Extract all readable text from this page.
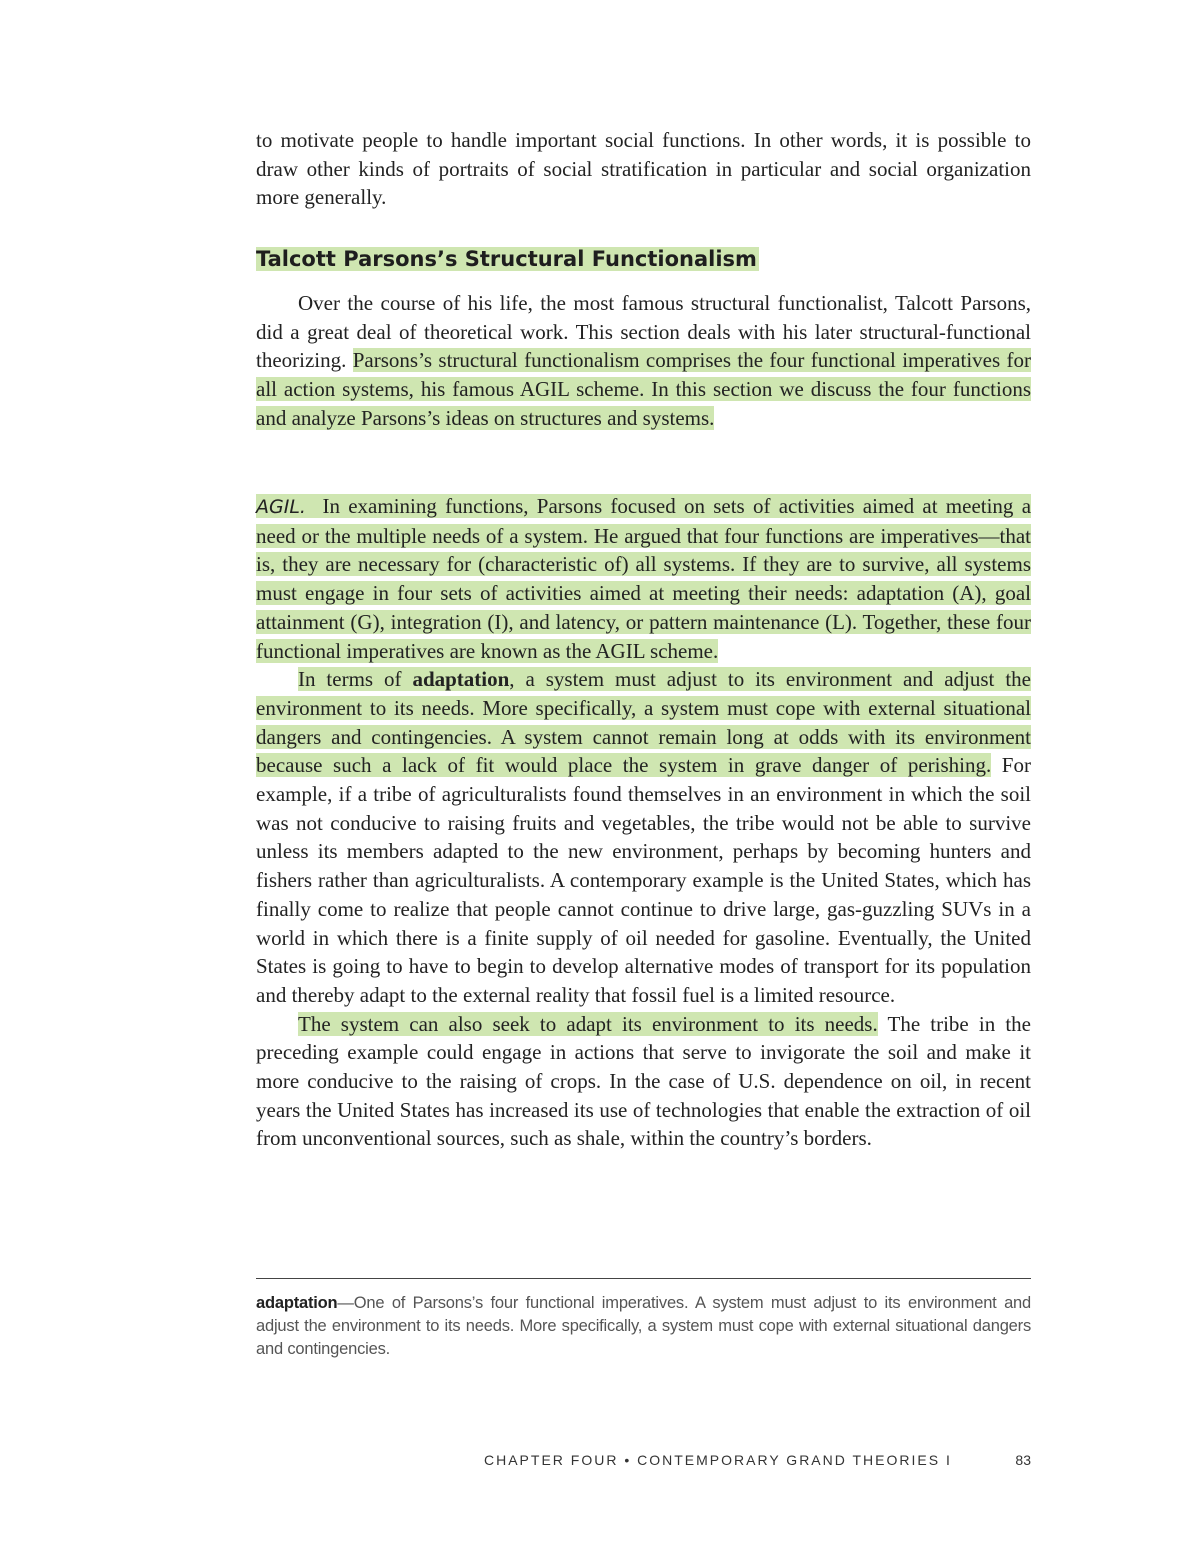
to motivate people to handle important social functions. In other words, it is possible to draw other kinds of portraits of social stratification in particular and social organization more generally.

Talcott Parsons’s Structural Functionalism

Over the course of his life, the most famous structural functionalist, Talcott Parsons, did a great deal of theoretical work. This section deals with his later structural-functional theorizing. Parsons’s structural functionalism comprises the four functional imperatives for all action systems, his famous AGIL scheme. In this section we discuss the four functions and analyze Parsons’s ideas on structures and systems.

AGIL. In examining functions, Parsons focused on sets of activities aimed at meeting a need or the multiple needs of a system. He argued that four functions are imperatives—that is, they are necessary for (characteristic of) all systems. If they are to survive, all systems must engage in four sets of activities aimed at meeting their needs: adaptation (A), goal attainment (G), integration (I), and latency, or pattern maintenance (L). Together, these four functional imperatives are known as the AGIL scheme.

In terms of adaptation, a system must adjust to its environment and adjust the environment to its needs. More specifically, a system must cope with external situational dangers and contingencies. A system cannot remain long at odds with its environment because such a lack of fit would place the system in grave danger of perishing. For example, if a tribe of agriculturalists found themselves in an environment in which the soil was not conducive to raising fruits and vegetables, the tribe would not be able to survive unless its members adapted to the new environment, perhaps by becoming hunters and fishers rather than agriculturalists. A contemporary example is the United States, which has finally come to realize that people cannot continue to drive large, gas-guzzling SUVs in a world in which there is a finite supply of oil needed for gasoline. Eventually, the United States is going to have to begin to develop alternative modes of transport for its population and thereby adapt to the external reality that fossil fuel is a limited resource.

The system can also seek to adapt its environment to its needs. The tribe in the preceding example could engage in actions that serve to invigorate the soil and make it more conducive to the raising of crops. In the case of U.S. dependence on oil, in recent years the United States has increased its use of technologies that enable the extraction of oil from unconventional sources, such as shale, within the country’s borders.

adaptation—One of Parsons’s four functional imperatives. A system must adjust to its environment and adjust the environment to its needs. More specifically, a system must cope with external situational dangers and contingencies.

CHAPTER FOUR • CONTEMPORARY GRAND THEORIES I	83
